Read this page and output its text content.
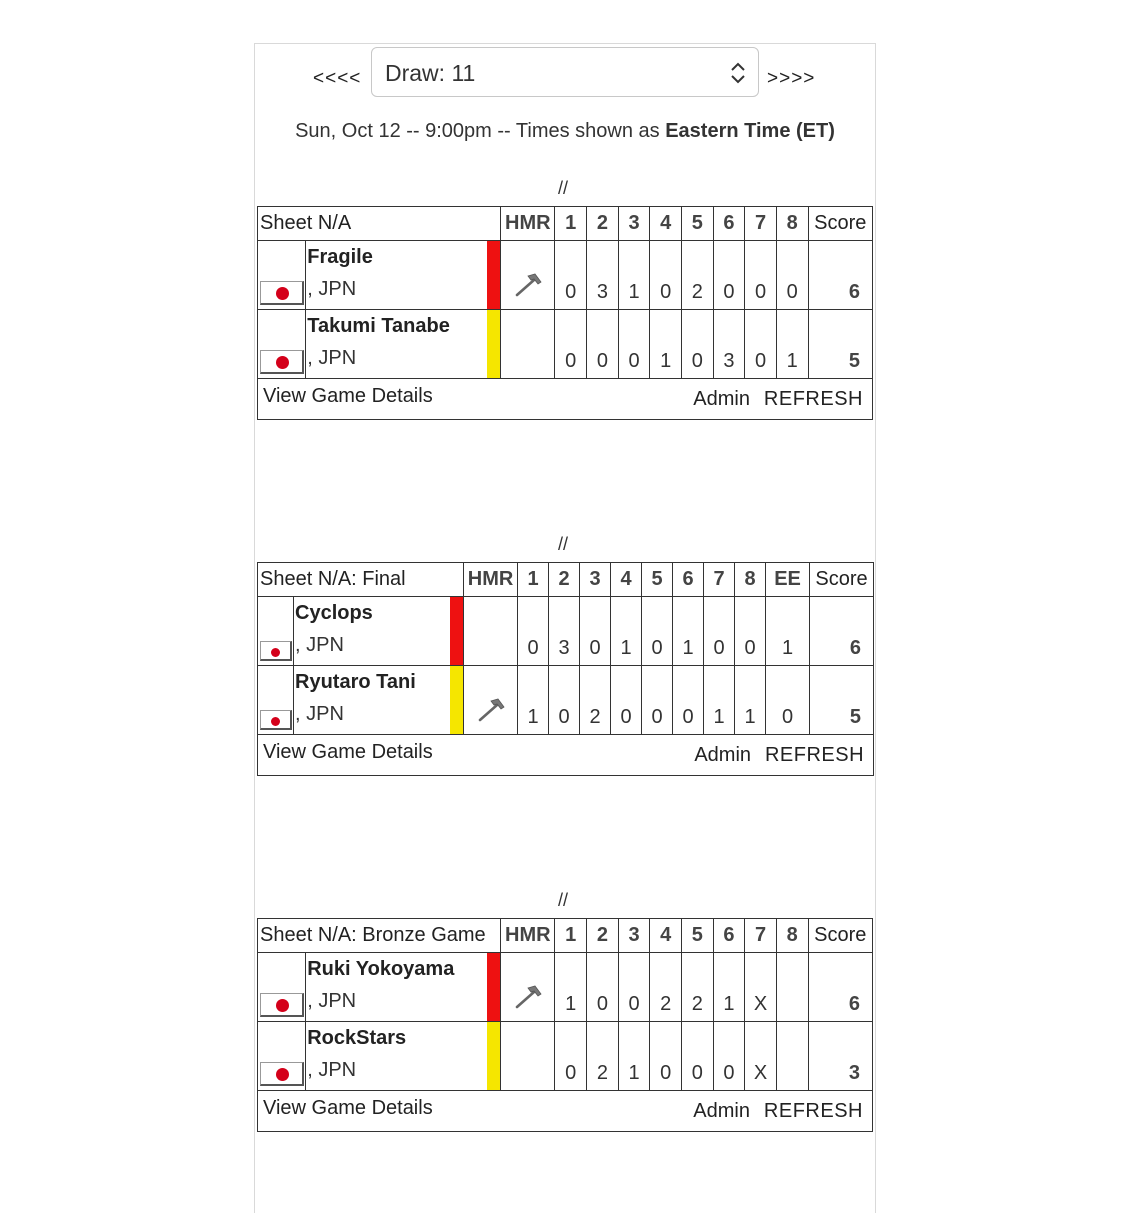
<<<<	Draw: 11	>>>>
Sun, Oct 12 -- 9:00pm -- Times shown as Eastern Time (ET)
//
Sheet N/A			HMR	1	2	3	4	5	6	7	8	Score

	Fragile
, JPN			0	3	1	0	2	0	0	0	6

	Takumi Tanabe
, JPN			0	0	0	1	0	3	0	1	5

View Game Details Admin REFRESH												
//
Sheet N/A: Final			HMR	1	2	3	4	5	6	7	8	EE	Score

	Cyclops
, JPN			0	3	0	1	0	1	0	0	1	6

	Ryutaro Tani
, JPN			1	0	2	0	0	0	1	1	0	5

View Game Details Admin REFRESH													
//
Sheet N/A: Bronze Game			HMR	1	2	3	4	5	6	7	8	Score

	Ruki Yokoyama
, JPN			1	0	0	2	2	1	X		6

	RockStars
, JPN			0	2	1	0	0	0	X		3

View Game Details Admin REFRESH												
